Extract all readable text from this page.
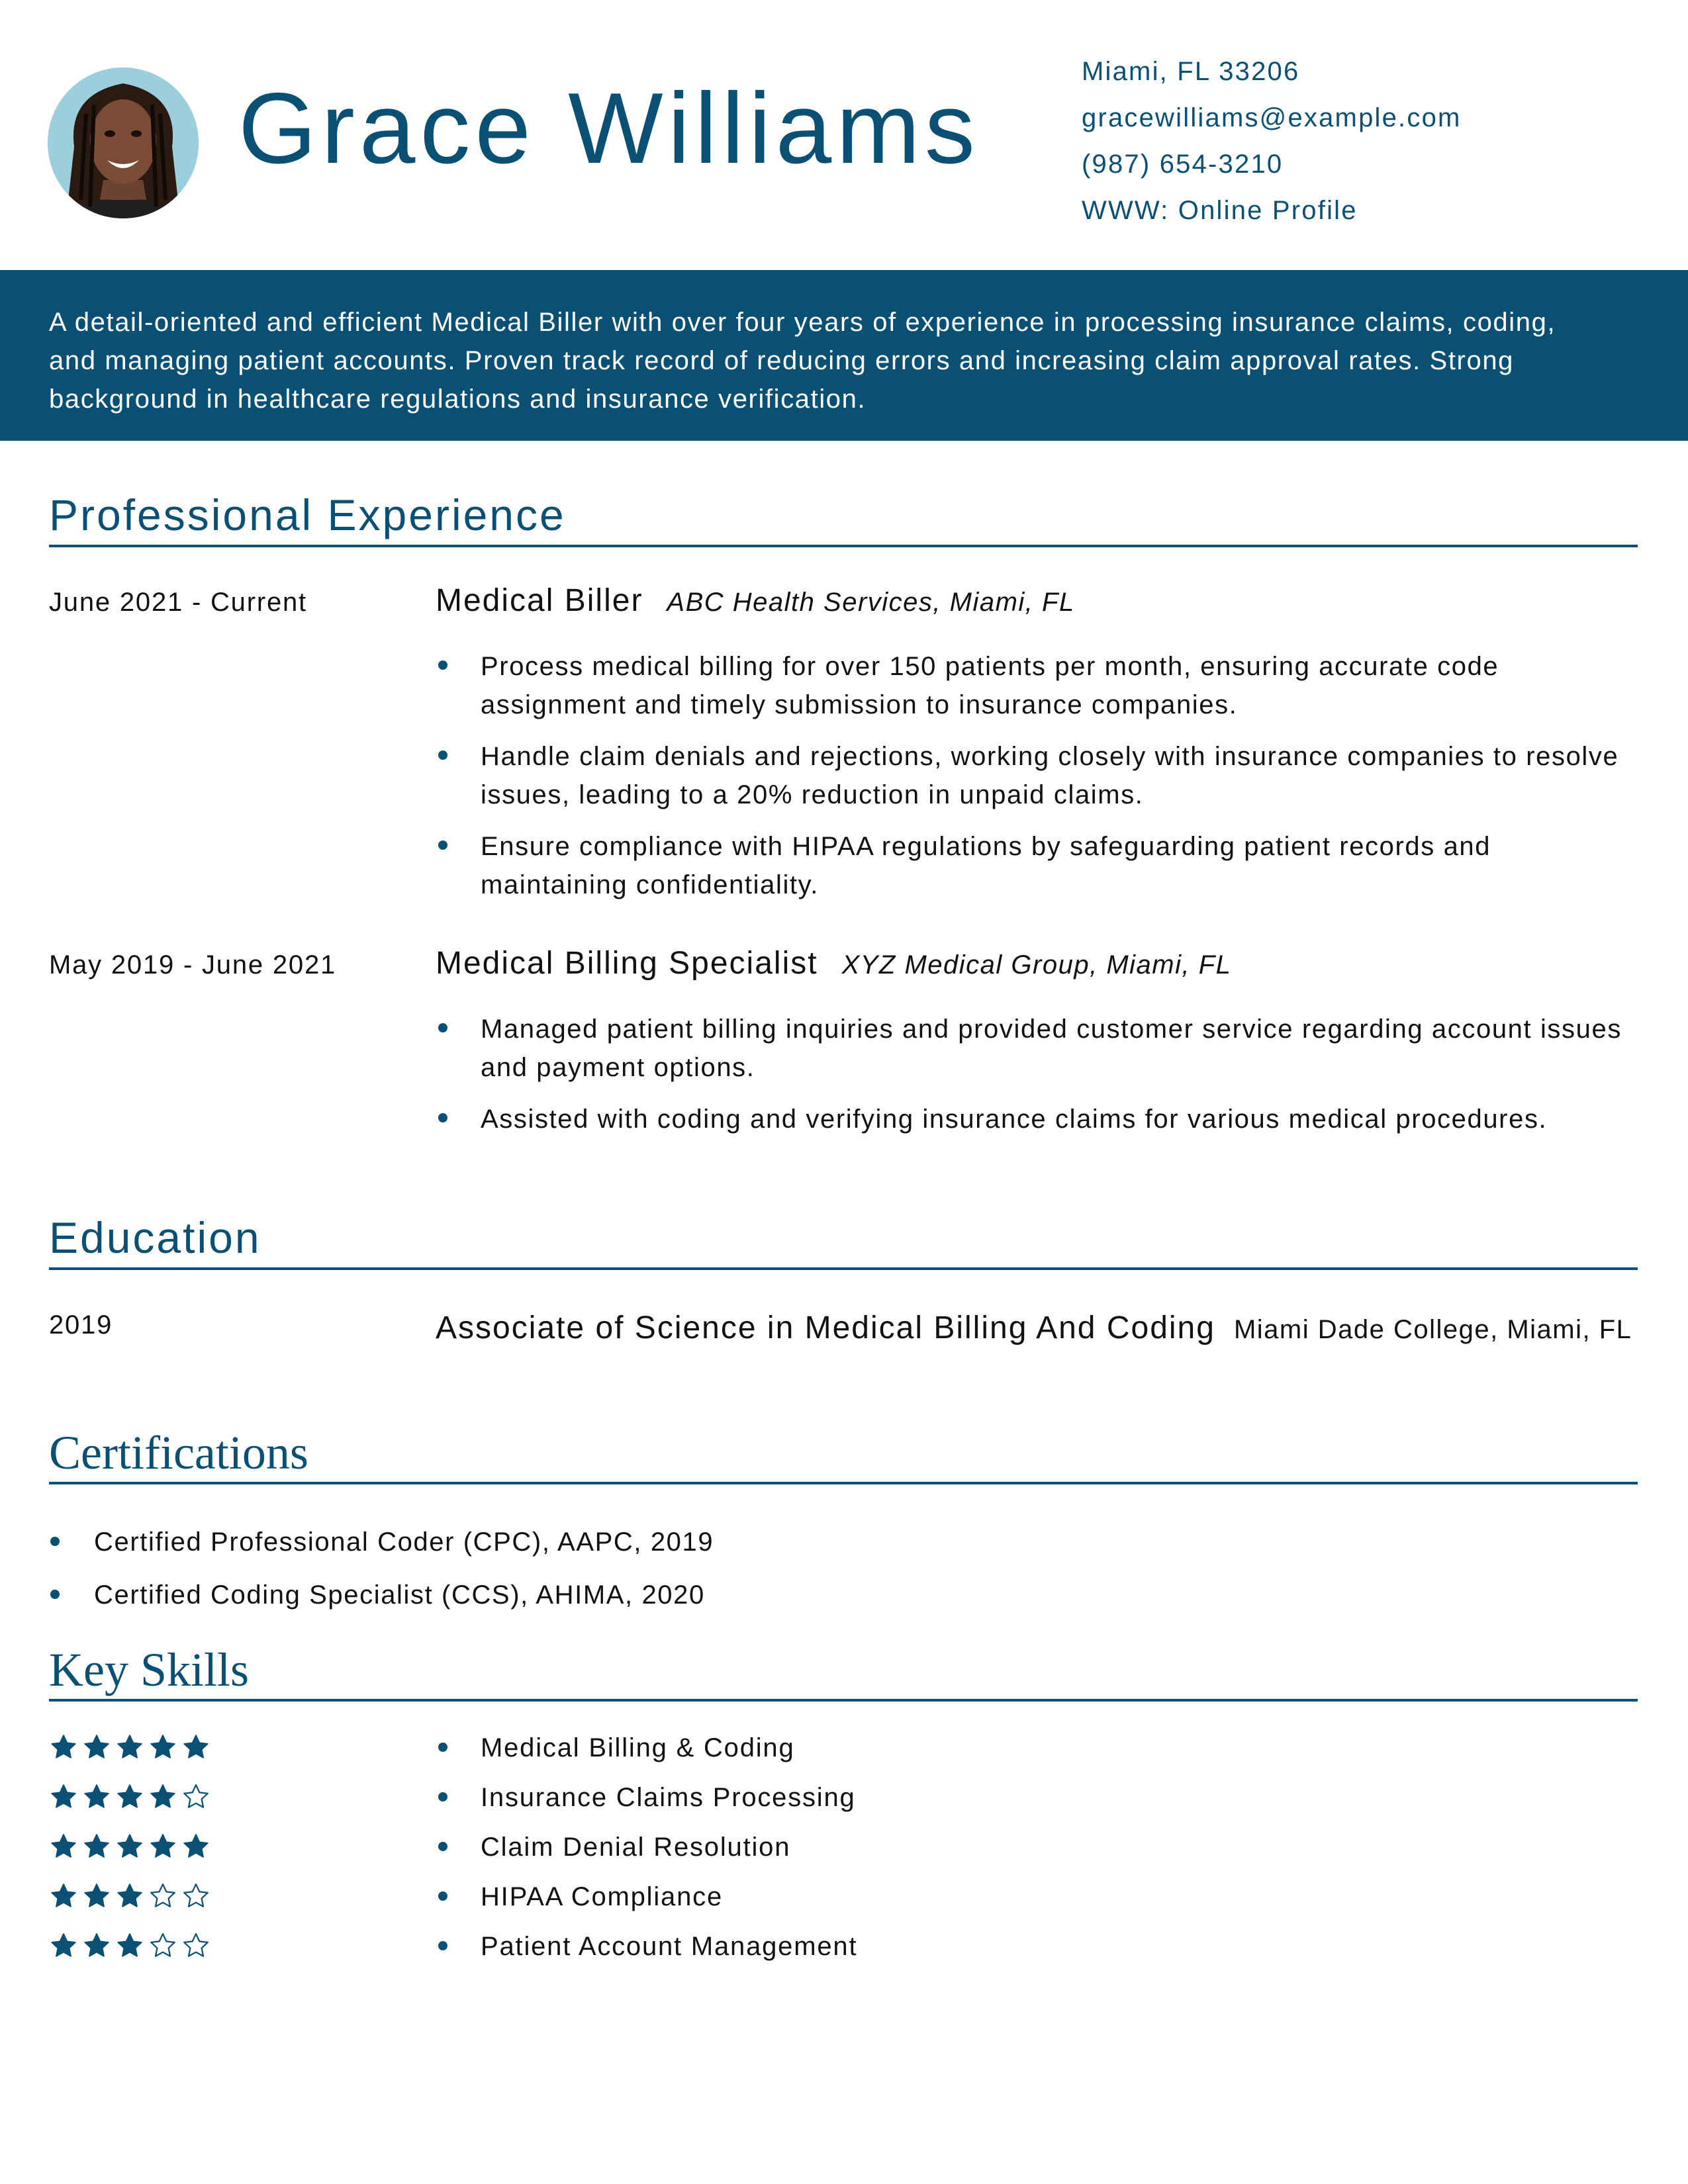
Grace Williams
Miami, FL 33206
gracewilliams@example.com
(987) 654-3210
WWW: Online Profile
A detail-oriented and efficient Medical Biller with over four years of experience in processing insurance claims, coding, and managing patient accounts. Proven track record of reducing errors and increasing claim approval rates. Strong background in healthcare regulations and insurance verification.
Professional Experience
June 2021 - Current	Medical Biller ABC Health Services, Miami, FL
Process medical billing for over 150 patients per month, ensuring accurate code assignment and timely submission to insurance companies.
Handle claim denials and rejections, working closely with insurance companies to resolve issues, leading to a 20% reduction in unpaid claims.
Ensure compliance with HIPAA regulations by safeguarding patient records and maintaining confidentiality.
May 2019 - June 2021	Medical Billing Specialist XYZ Medical Group, Miami, FL
Managed patient billing inquiries and provided customer service regarding account issues and payment options.
Assisted with coding and verifying insurance claims for various medical procedures.
Education
2019	Associate of Science in Medical Billing And Coding Miami Dade College, Miami, FL
Certifications
Certified Professional Coder (CPC), AAPC, 2019
Certified Coding Specialist (CCS), AHIMA, 2020
Key Skills
Medical Billing & Coding
Insurance Claims Processing
Claim Denial Resolution
HIPAA Compliance
Patient Account Management
